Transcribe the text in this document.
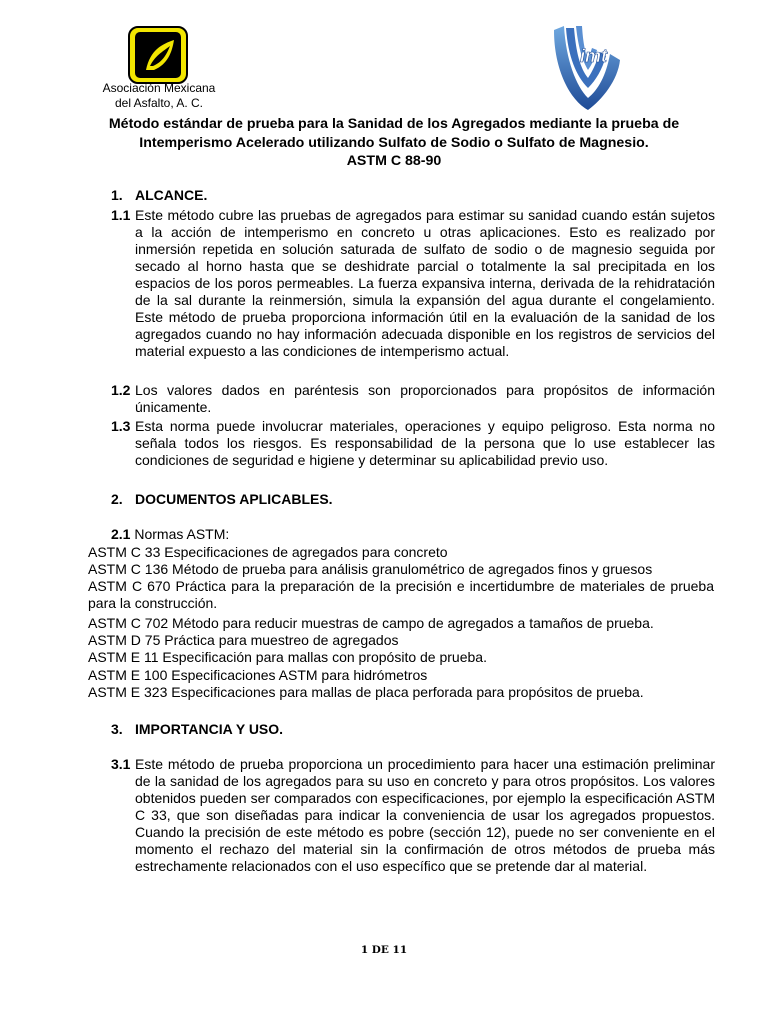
Asociación Mexicana
del Asfalto, A. C.
imt
Método estándar de prueba para la Sanidad de los Agregados mediante la prueba de
Intemperismo Acelerado utilizando Sulfato de Sodio o Sulfato de Magnesio.
ASTM C 88-90
1. ALCANCE.
1.1 Este método cubre las pruebas de agregados para estimar su sanidad cuando están sujetos a la acción de intemperismo en concreto u otras aplicaciones. Esto es realizado por inmersión repetida en solución saturada de sulfato de sodio o de magnesio seguida por secado al horno hasta que se deshidrate parcial o totalmente la sal precipitada en los espacios de los poros permeables. La fuerza expansiva interna, derivada de la rehidratación de la sal durante la reinmersión, simula la expansión del agua durante el congelamiento. Este método de prueba proporciona información útil en la evaluación de la sanidad de los agregados cuando no hay información adecuada disponible en los registros de servicios del material expuesto a las condiciones de intemperismo actual.
1.2 Los valores dados en paréntesis son proporcionados para propósitos de información únicamente.
1.3 Esta norma puede involucrar materiales, operaciones y equipo peligroso. Esta norma no señala todos los riesgos. Es responsabilidad de la persona que lo use establecer las condiciones de seguridad e higiene y determinar su aplicabilidad previo uso.
2. DOCUMENTOS APLICABLES.
2.1 Normas ASTM:
ASTM C 33 Especificaciones de agregados para concreto
ASTM C 136 Método de prueba para análisis granulométrico de agregados finos y gruesos
ASTM C 670 Práctica para la preparación de la precisión e incertidumbre de materiales de prueba para la construcción.
ASTM C 702 Método para reducir muestras de campo de agregados a tamaños de prueba.
ASTM D 75 Práctica para muestreo de agregados
ASTM E 11 Especificación para mallas con propósito de prueba.
ASTM E 100 Especificaciones ASTM para hidrómetros
ASTM E 323 Especificaciones para mallas de placa perforada para propósitos de prueba.
3. IMPORTANCIA Y USO.
3.1 Este método de prueba proporciona un procedimiento para hacer una estimación preliminar de la sanidad de los agregados para su uso en concreto y para otros propósitos. Los valores obtenidos pueden ser comparados con especificaciones, por ejemplo la especificación ASTM C 33, que son diseñadas para indicar la conveniencia de usar los agregados propuestos. Cuando la precisión de este método es pobre (sección 12), puede no ser conveniente en el momento el rechazo del material sin la confirmación de otros métodos de prueba más estrechamente relacionados con el uso específico que se pretende dar al material.
1 DE 11
